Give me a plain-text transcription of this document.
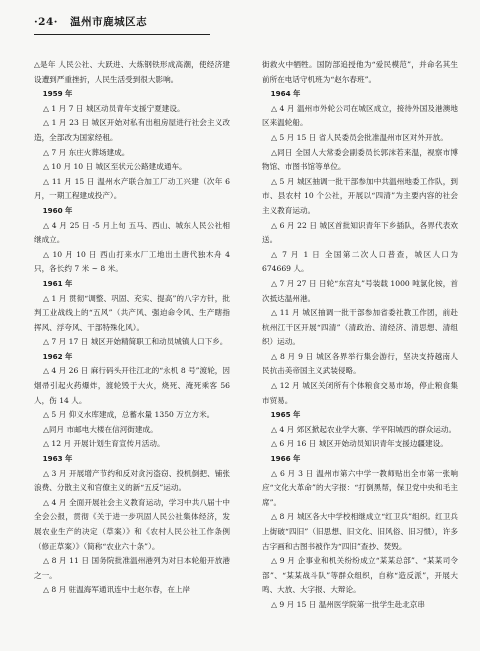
·24· 温州市鹿城区志

△是年 人民公社、大跃进、大炼钢铁形成高潮，使经济建设遭到严重挫折，人民生活受到很大影响。

1959 年

△ 1 月 7 日 城区动员青年支援宁夏建设。

△ 1 月 23 日 城区开始对私有出租房屋进行社会主义改造，全部改为国家经租。

△ 7 月 东庄火葬场建成。

△ 10 月 10 日 城区至状元公路建成通车。

△ 11 月 15 日 温州水产联合加工厂动工兴建（次年 6 月，一期工程建成投产）。

1960 年

△ 4 月 25 日 -5 月上旬 五马、西山、城东人民公社相继成立。

△ 10 月 10 日 西山打来水厂工地出土唐代独木舟 4 只，各长约 7 米 ~ 8 米。

1961 年

△ 1 月 贯彻“调整、巩固、充实、提高”的八字方针，批判工业战线上的“五风”（共产风、强迫命令风、生产瞎指挥风、浮夸风、干部特殊化风）。

△ 7 月 17 日 城区开始精简职工和动员城镇人口下乡。

1962 年

△ 4 月 26 日 麻行码头开往江北的“永机 8 号”渡轮，因烟帚引起火药爆炸，渡轮毁于大火，烧死、淹死乘客 56 人，伤 14 人。

△ 5 月 仰义水库建成，总蓄水量 1350 万立方米。

△同月 市邮电大楼在信河街建成。

△ 12 月 开展计划生育宣传月活动。

1963 年

△ 3 月 开展增产节约和反对贪污盗窃、投机倒把、铺张浪费、分散主义和官僚主义的新“五反”运动。

△ 4 月 全面开展社会主义教育运动，学习中共八届十中全会公报，贯彻《关于进一步巩固人民公社集体经济，发展农业生产的决定（草案）》和《农村人民公社工作条例（修正草案）》（简称“农业六十条”）。

△ 8 月 11 日 国务院批准温州港列为对日本轮船开放港之一。

△ 8 月 驻温海军通讯连中士赵尔春，在上岸

街救火中牺牲。国防部追授他为“爱民模范”，并命名其生前所在电话守机班为“赵尔春班”。

1964 年

△ 4 月 温州市外轮公司在城区成立，接待外国及港澳地区来温轮船。

△ 5 月 15 日 省人民委员会批准温州市区对外开放。

△同日 全国人大常委会副委员长郭沫若来温，视察市博物馆、市图书馆等单位。

△ 5 月 城区抽调一批干部参加中共温州地委工作队，到市、县农村 10 个公社，开展以“四清”为主要内容的社会主义教育运动。

△ 6 月 22 日 城区首批知识青年下乡插队，各界代表欢送。

△ 7 月 1 日 全国第二次人口普查，城区人口为 674669 人。

△ 7 月 27 日 日轮“东宫丸”号装载 1000 吨氯化铵，首次抵达温州港。

△ 11 月 城区抽调一批干部参加省委社教工作团，前赴杭州江干区开展“四清”（清政治、清经济、清思想、清组织）运动。

△ 8 月 9 日 城区各界举行集会游行，坚决支持越南人民抗击美帝国主义武装侵略。

△ 12 月 城区关闭所有个体粮食交易市场，停止粮食集市贸易。

1965 年

△ 4 月 郊区掀起农业学大寨、学平阳城西的群众运动。

△ 6 月 16 日 城区开始动员知识青年支援边疆建设。

1966 年

△ 6 月 3 日 温州市第六中学一教师贴出全市第一张响应“文化大革命”的大字报：“打倒黑帮，保卫党中央和毛主席”。

△ 8 月 城区各大中学校相继成立“红卫兵”组织。红卫兵上街破“四旧”（旧思想、旧文化、旧风俗、旧习惯），许多古字画和古图书被作为“四旧”查抄、焚毁。

△ 9 月 企事业和机关纷纷成立“某某总部”、“某某司令部”、“某某战斗队”等群众组织，自称“造反派”，开展大鸣、大放、大字报、大辩论。

△ 9 月 15 日 温州医学院第一批学生赴北京串
